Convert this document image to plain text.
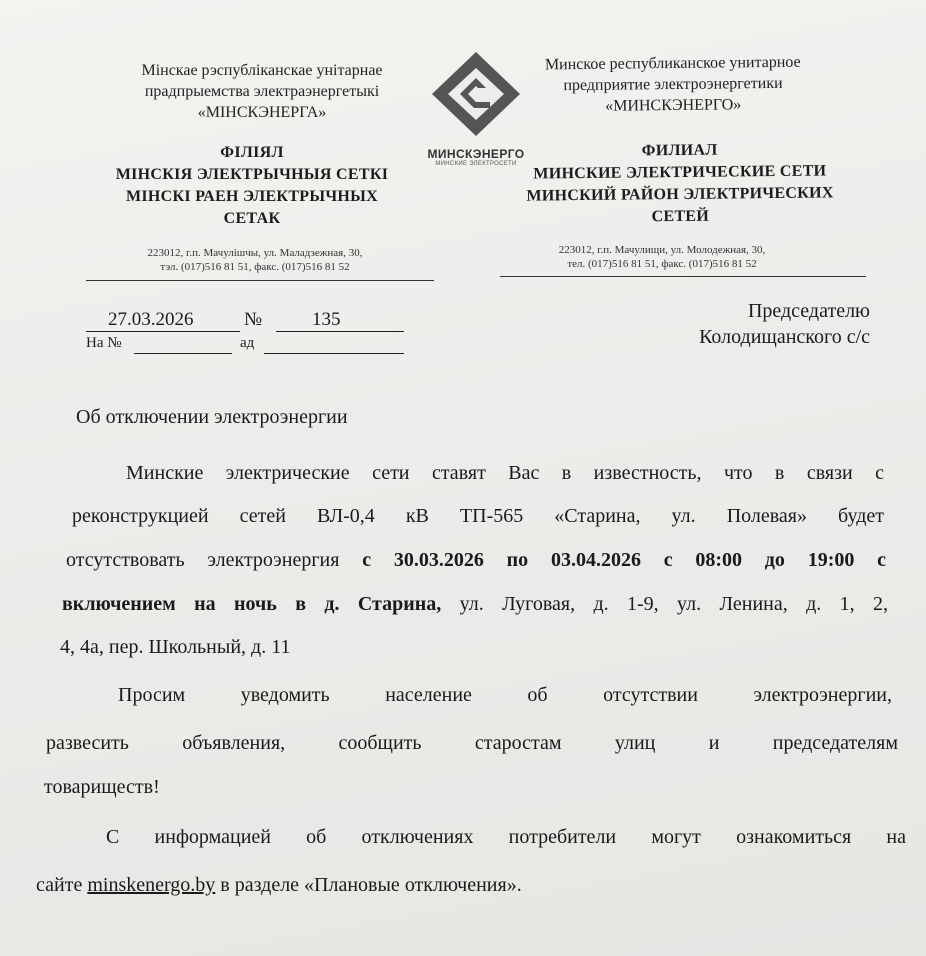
Мінскае рэспубліканскае унітарнае
прадпрыемства электраэнергетыкі
«МІНСКЭНЕРГА»
Минское республиканское унитарное
предприятие электроэнергетики
«МИНСКЭНЕРГО»
МИНСКЭНЕРГО
МИНСКИЕ ЭЛЕКТРОСЕТИ
ФІЛІЯЛ
МІНСКІЯ ЭЛЕКТРЫЧНЫЯ СЕТКІ
МІНСКІ РАЕН ЭЛЕКТРЫЧНЫХ
СЕТАК
ФИЛИАЛ
МИНСКИЕ ЭЛЕКТРИЧЕСКИЕ СЕТИ
МИНСКИЙ РАЙОН ЭЛЕКТРИЧЕСКИХ
СЕТЕЙ
223012, г.п. Мачулішчы, ул. Маладзежная, 30,
тэл. (017)516 81 51, факс. (017)516 81 52
223012, г.п. Мачулищи, ул. Молодежная, 30,
тел. (017)516 81 51, факс. (017)516 81 52
27.03.2026	№	135
На №	ад
Председателю
Колодищанского с/с
Об отключении электроэнергии
Минские электрические сети ставят Вас в известность, что в связи с
реконструкцией сетей ВЛ-0,4 кВ ТП-565 «Старина, ул. Полевая» будет
отсутствовать электроэнергия с 30.03.2026 по 03.04.2026 с 08:00 до 19:00 с
включением на ночь в д. Старина, ул. Луговая, д. 1-9, ул. Ленина, д. 1, 2,
4, 4а, пер. Школьный, д. 11
Просим уведомить население об отсутствии электроэнергии,
развесить объявления, сообщить старостам улиц и председателям
товариществ!
С информацией об отключениях потребители могут ознакомиться на
сайте minskenergo.by в разделе «Плановые отключения».
